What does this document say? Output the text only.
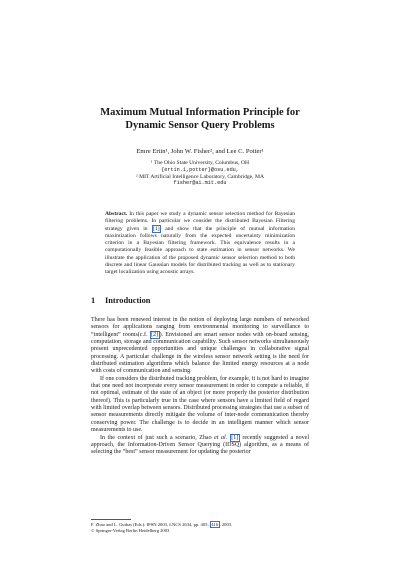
Maximum Mutual Information Principle for
Dynamic Sensor Query Problems
Emre Ertin¹, John W. Fisher², and Lee C. Potter¹
¹ The Ohio State University, Columbus, OH
{ertin.1,potter}@osu.edu,
² MIT Artificial Intelligence Laboratory, Cambridge, MA
fisher@ai.mit.edu
Abstract. In this paper we study a dynamic sensor selection method for Bayesian filtering problems. In particular we consider the distributed Bayesian Filtering strategy given in [1] and show that the principle of mutual information maximization follows naturally from the expected uncertainty minimization criterion in a Bayesian filtering framework. This equivalence results in a computationally feasible approach to state estimation in sensor networks. We illustrate the application of the proposed dynamic sensor selection method to both discrete and linear Gaussian models for distributed tracking as well as to stationary target localization using acoustic arrays.
1 Introduction

There has been renewed interest in the notion of deploying large numbers of networked sensors for applications ranging from environmental monitoring to surveillance to “intelligent” rooms(c.f. [2] ). Envisioned are smart sensor nodes with on-board sensing, computation, storage and communication capability. Such sensor networks simultaneously present unprecedented opportunities and unique challenges in collaborative signal processing. A particular challenge in the wireless sensor network setting is the need for distributed estimation algorithms which balance the limited energy resources at a node with costs of communication and sensing.

If one considers the distributed tracking problem, for example, it is not hard to imagine that one need not incorporate every sensor measurement in order to compute a reliable, if not optimal, estimate of the state of an object (or more properly the posterior distribution thereof). This is particularly true in the case where sensors have a limited field of regard with limited overlap between sensors. Distributed processing strategies that use a subset of sensor measurements directly mitigate the volume of inter-node communication thereby conserving power. The challenge is to decide in an intelligent manner which sensor measurements to use.

In the context of just such a scenario, Zhao et al. [1] recently suggested a novel approach, the Information-Driven Sensor Querying (IDSQ) algorithm, as a means of selecting the “best” sensor measurement for updating the posterior

F. Zhao and L. Guibas (Eds.): IPSN 2003, LNCS 2634, pp. 405– 416 , 2003.
© Springer-Verlag Berlin Heidelberg 2003
